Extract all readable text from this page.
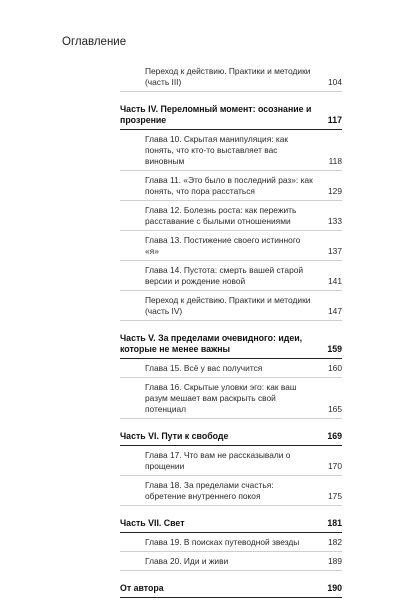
Оглавление
Переход к действию. Практики и методики (часть III)	104
Часть IV. Переломный момент: осознание и прозрение	117
Глава 10. Скрытая манипуляция: как понять, что кто-то выставляет вас виновным	118
Глава 11. «Это было в последний раз»: как понять, что пора расстаться	129
Глава 12. Болезнь роста: как пережить расставание с былыми отношениями	133
Глава 13. Постижение своего истинного «я»	137
Глава 14. Пустота: смерть вашей старой версии и рождение новой	141
Переход к действию. Практики и методики (часть IV)	147
Часть V. За пределами очевидного: идеи, которые не менее важны	159
Глава 15. Всё у вас получится	160
Глава 16. Скрытые уловки эго: как ваш разум мешает вам раскрыть свой потенциал	165
Часть VI. Пути к свободе	169
Глава 17. Что вам не рассказывали о прощении	170
Глава 18. За пределами счастья: обретение внутреннего покоя	175
Часть VII. Свет	181
Глава 19. В поисках путеводной звезды	182
Глава 20. Иди и живи	189
От автора	190
